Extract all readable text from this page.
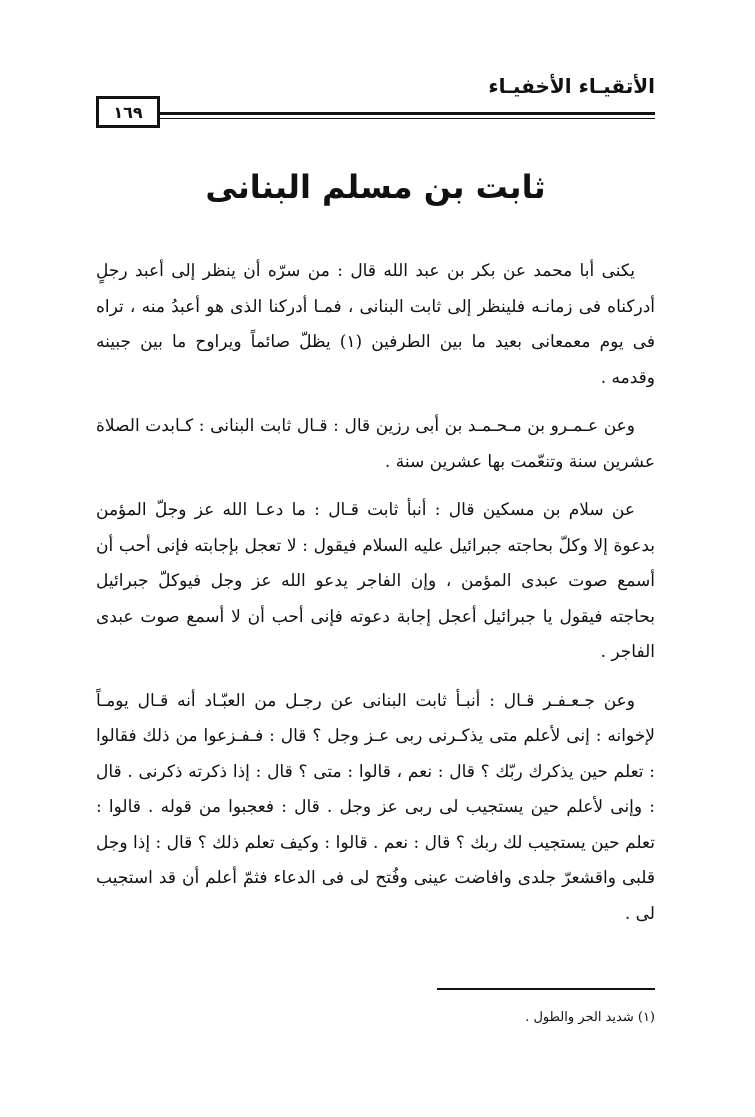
الأتقيـاء الأخفيـاء
١٦٩
ثابت بن مسلم البنانى

يكنى أبا محمد عن بكر بن عبد الله قال : من سرّه أن ينظر إلى أعبد رجلٍ أدركناه فى زمانـه فلينظر إلى ثابت البنانى ، فمـا أدركنا الذى هو أعبدُ منه ، تراه فى يوم معمعانى بعيد ما بين الطرفين (١) يظلّ صائماً ويراوح ما بين جبينه وقدمه .

وعن عـمـرو بن مـحـمـد بن أبى رزين قال : قـال ثابت البنانى : كـابدت الصلاة عشرين سنة وتنعّمت بها عشرين سنة .

عن سلام بن مسكين قال : أنبأ ثابت قـال : ما دعـا الله عز وجلّ المؤمن بدعوة إلا وكلّ بحاجته جبرائيل عليه السلام فيقول : لا تعجل بإجابته فإنى أحب أن أسمع صوت عبدى المؤمن ، وإن الفاجر يدعو الله عز وجل فيوكلّ جبرائيل بحاجته فيقول يا جبرائيل أعجل إجابة دعوته فإنى أحب أن لا أسمع صوت عبدى الفاجر .

وعن جـعـفـر قـال : أنبـأ ثابت البنانى عن رجـل من العبّـاد أنه قـال يومـاً لإخوانه : إنى لأعلم متى يذكـرنى ربى عـز وجل ؟ قال : فـفـزعوا من ذلك فقالوا : تعلم حين يذكرك ربّك ؟ قال : نعم ، قالوا : متى ؟ قال : إذا ذكرته ذكرنى . قال : وإنى لأعلم حين يستجيب لى ربى عز وجل . قال : فعجبوا من قوله . قالوا : تعلم حين يستجيب لك ربك ؟ قال : نعم . قالوا : وكيف تعلم ذلك ؟ قال : إذا وجل قلبى واقشعرّ جلدى وافاضت عينى وفُتح لى فى الدعاء فثمّ أعلم أن قد استجيب لى .

(١) شديد الحر والطول .
